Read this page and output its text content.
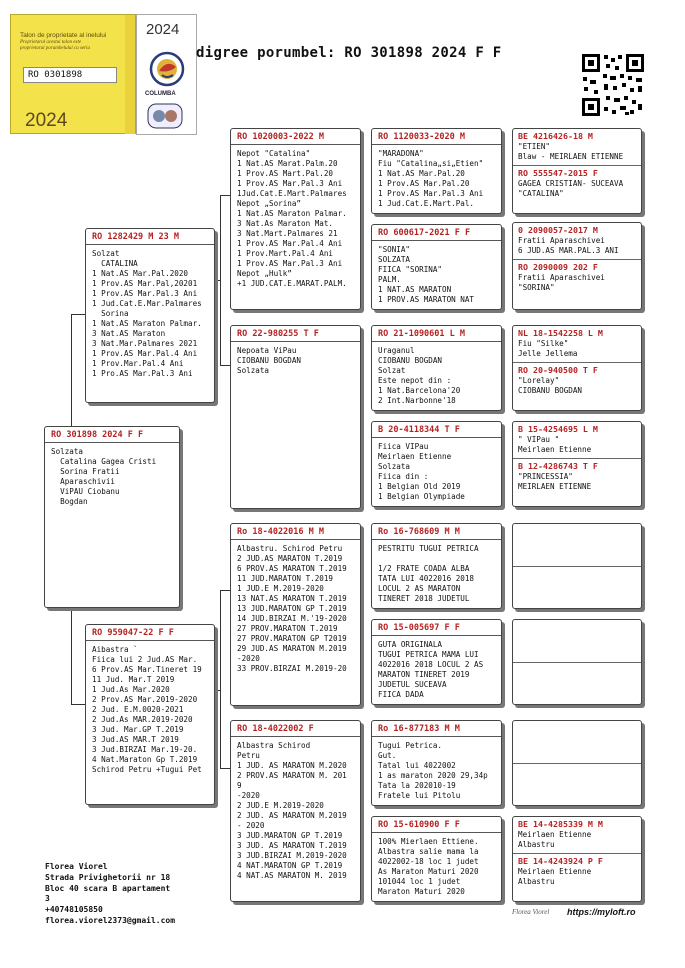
Talon de proprietate al inelului
Proprietarul acestui talon este
proprietarul porumbelului cu seria
RO 0301898
2024
2024
COLUMBA
digree porumbel: RO 301898 2024 F F
RO 301898 2024 F F
Solzata
Catalina Gagea Cristi
Sorina Fratii
Aparaschivii
ViPAU Ciobanu
Bogdan
RO 1282429 M 23 M
Solzat
CATALINA
1 Nat.AS Mar.Pal.2020
1 Prov.AS Mar.Pal,20201
1 Prov.AS Mar.Pal.3 Ani
1 Jud.Cat.E.Mar.Palmares
Sorina
1 Nat.AS Maraton Palmar.
3 Nat.AS Maraton
3 Nat.Mar.Palmares 2021
1 Prov.AS Mar.Pal.4 Ani
1 Prov.Mar.Pal.4 Ani
1 Pro.AS Mar.Pal.3 Ani
RO 959047-22 F F
Aibastra `
Fiica lui 2 Jud.AS Mar.
6 Prov.AS Mar.Tineret 19
11 Jud. Mar.T 2019
1 Jud.As Mar.2020
2 Prov.AS Mar.2019-2020
2 Jud. E.M.0020-2021
2 Jud.As MAR.2019-2020
3 Jud. Mar.GP T.2019
3 Jud.AS MAR.T 2019
3 Jud.BIRZAI Mar.19-20.
4 Nat.Maraton Gp T.2019
Schirod Petru +Tugui Pet
RO 1020003-2022 M
Nepot "Catalina"
1 Nat.AS Marat.Palm.20
1 Prov.AS Mart.Pal.20
1 Prov.AS Mar.Pal.3 Ani
1Jud.Cat.E.Mart.Palmares
Nepot „Sorina”
1 Nat.AS Maraton Palmar.
3 Nat.As Maraton Mat.
3 Nat.Mart.Palmares 21
1 Prov.AS Mar.Pal.4 Ani
1 Prov.Mart.Pal.4 Ani
1 Prov.AS Mar.Pal.3 Ani
Nepot „Hulk”
+1 JUD.CAT.E.MARAT.PALM.
RO 22-980255 T F
Nepoata ViPau
CIOBANU BOGDAN
Solzata
Ro 18-4022016 M M
Albastru. Schirod Petru
2 JUD.AS MARATON T.2019
6 PROV.AS MARATON T.2019
11 JUD.MARATON T.2019
1 JUD.E M.2019-2020
13 NAT.AS MARATON T.2019
13 JUD.MARATON GP T.2019
14 JUD.BIRZAI M.'19-2020
27 PROV.MARATON T.2019
27 PROV.MARATON GP T2019
29 JUD.AS MARATON M.2019
-2020
33 PROV.BIRZAI M.2019-20
RO 18-4022002 F
Albastra Schirod
Petru
1 JUD. AS MARATON M.2020
2 PROV.AS MARATON M. 201
9
-2020
2 JUD.E M.2019-2020
2 JUD. AS MARATON M.2019
- 2020
3 JUD.MARATON GP T.2019
3 JUD. AS MARATON T.2019
3 JUD.BIRZAI M.2019-2020
4 NAT.MARATON GP T.2019
4 NAT.AS MARATON M. 2019
RO 1120033-2020 M
"MARADONA"
Fiu "Catalina„si„Etien"
1 Nat.AS Mar.Pal.20
1 Prov.AS Mar.Pal.20
1 Prov.AS Mar.Pal.3 Ani
1 Jud.Cat.E.Mart.Pal.
RO 600617-2021 F F
"SONIA"
SOLZATA
FIICA "SORINA"
PALM.
1 NAT.AS MARATON
1 PROV.AS MARATON NAT
RO 21-1090601 L M
Uraganul
CIOBANU BOGDAN
Solzat
Este nepot din :
1 Nat.Barcelona'20
2 Int.Narbonne'18
B 20-4118344 T F
Fiica VIPau
Meirlaen Etienne
Solzata
Fiica din :
1 Belgian Old 2019
1 Belgian Olympiade
Ro 16-768609 M M
PESTRITU TUGUI PETRICA

1/2 FRATE COADA ALBA
TATA LUI 4022016 2018
LOCUL 2 AS MARATON
TINERET 2018 JUDETUL
RO 15-005697 F F
GUTA ORIGINALA
TUGUI PETRICA MAMA LUI
4022016 2018 LOCUL 2 AS
MARATON TINERET 2019
JUDETUL SUCEAVA
FIICA DADA
Ro 16-877183 M M
Tugui Petrica.
Gut.
Tatal lui 4022002
1 as maraton 2020 29,34p
Tata la 202010-19
Fratele lui Pitolu
RO 15-610900 F F
100% Mierlaen Ettiene.
Albastra salie mama la
4022002-18 loc 1 judet
As Maraton Maturi 2020
101044 loc 1 judet
Maraton Maturi 2020
BE 4216426-18 M
"ETIEN"
Blaw - MEIRLAEN ETIENNE
RO 555547-2015 F
GAGEA CRISTIAN- SUCEAVA
"CATALINA"
0 2090057-2017 M
Fratii Aparaschivei
6 JUD.AS MAR.PAL.3 ANI
RO 2090009 202 F
Fratii Aparaschivei
"SORINA"
NL 18-1542258 L M
Fiu "Silke"
Jelle Jellema
RO 20-940500 T F
"Lorelay"
CIOBANU BOGDAN
B 15-4254695 L M
" VIPau "
Meirlaen Etienne
B 12-4286743 T F
"PRINCESSIA"
MEIRLAEN ETIENNE
BE 14-4285339 M M
Meirlaen Etienne
Albastru
BE 14-4243924 P F
Meirlaen Etienne
Albastru
Florea Viorel
Strada Privighetorii nr 18
Bloc 40 scara B apartament
3
+40748105850
florea.viorel2373@gmail.com
Florea Viorel https://myloft.ro
